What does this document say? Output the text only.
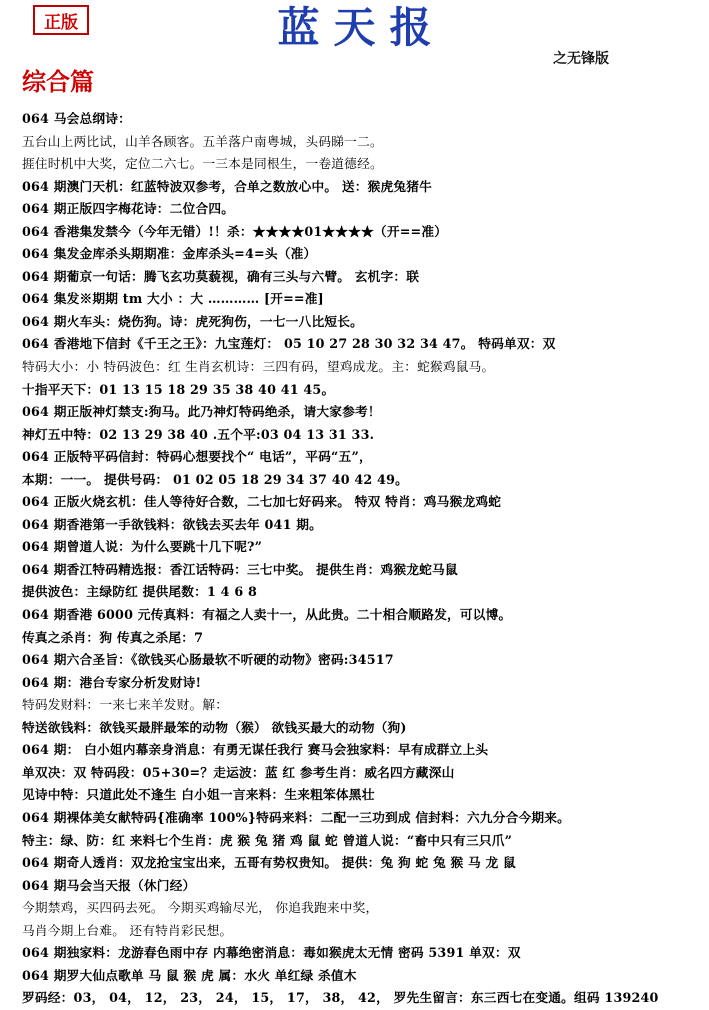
正版	蓝天报
之无锋版
综合篇
064 马会总纲诗：
五台山上两比试，山羊各顾客。五羊落户南粤城，头码睇一二。
捱住时机中大奖，定位二六七。一三本是同根生，一卷道德经。
064 期澳门天机：红蓝特波双参考，合单之数放心中。 送：猴虎兔猪牛
064 期正版四字梅花诗：二位合四。
064 香港集发禁今（今年无错）!！杀：★★★★01★★★★（开==准）
064 集发金库杀头期期准：金库杀头=4=头（准）
064 期葡京一句话：腾飞玄功莫藐视，确有三头与六臂。 玄机字：联
064 集发※期期 tm 大小 ：大 ………… [开==准]
064 期火车头：烧伤狗。诗：虎死狗伤，一七一八比短长。
064 香港地下信封《千王之王》：九宝莲灯： 05 10 27 28 30 32 34 47。 特码单双：双
特码大小：小 特码波色：红 生肖玄机诗：三四有码，望鸡成龙。主：蛇猴鸡鼠马。
十指平天下：01 13 15 18 29 35 38 40 41 45。
064 期正版神灯禁支:狗马。此乃神灯特码绝杀，请大家参考！
神灯五中特：02 13 29 38 40 .五个平:03 04 13 31 33.
064 正版特平码信封：特码心想要找个“ 电话”，平码“五”，
本期：一一。 提供号码： 01 02 05 18 29 34 37 40 42 49。
064 正版火烧玄机：佳人等待好合数，二七加七好码来。 特双 特肖：鸡马猴龙鸡蛇
064 期香港第一手欲钱料：欲钱去买去年 041 期。
064 期曾道人说：为什么要跳十几下呢?”
064 期香江特码精选报：香江话特码：三七中奖。 提供生肖：鸡猴龙蛇马鼠
提供波色：主绿防红 提供尾数：1 4 6 8
064 期香港 6000 元传真料：有福之人卖十一，从此贵。二十相合顺路发，可以博。
传真之杀肖：狗 传真之杀尾：7
064 期六合圣旨：《欲钱买心肠最软不听硬的动物》密码:34517
064 期：港台专家分析发财诗!
特码发财料：一来七来羊发财。解：
特送欲钱料：欲钱买最胖最笨的动物（猴） 欲钱买最大的动物（狗)
064 期： 白小姐内幕亲身消息：有勇无谋任我行 赛马会独家料：早有成群立上头
单双决：双 特码段：05+30=？走运波：蓝 红 参考生肖：威名四方藏深山
见诗中特：只道此处不逢生 白小姐一言来料：生来粗笨体黑壮
064 期裸体美女献特码{准确率 100%}特码来料：二配一三功到成 信封料：六九分合今期来。
特主：绿、防：红 来料七个生肖：虎 猴 兔 猪 鸡 鼠 蛇 曾道人说：“畜中只有三只爪”
064 期奇人透肖：双龙抢宝宝出来，五哥有势权贵知。 提供：兔 狗 蛇 兔 猴 马 龙 鼠
064 期马会当天报（休门经）
今期禁鸡，买四码去死。 今期买鸡输尽光， 你追我跑来中奖，
马肖今期上台难。 还有特肖彩民想。
064 期独家料：龙游春色雨中存 内幕绝密消息：毒如猴虎太无情 密码 5391 单双：双
064 期罗大仙点歌单 马 鼠 猴 虎 属：水火 单红绿 杀值木
罗码经：03， 04， 12， 23， 24， 15， 17， 38， 42， 罗先生留言：东三西七在变通。组码 139240
